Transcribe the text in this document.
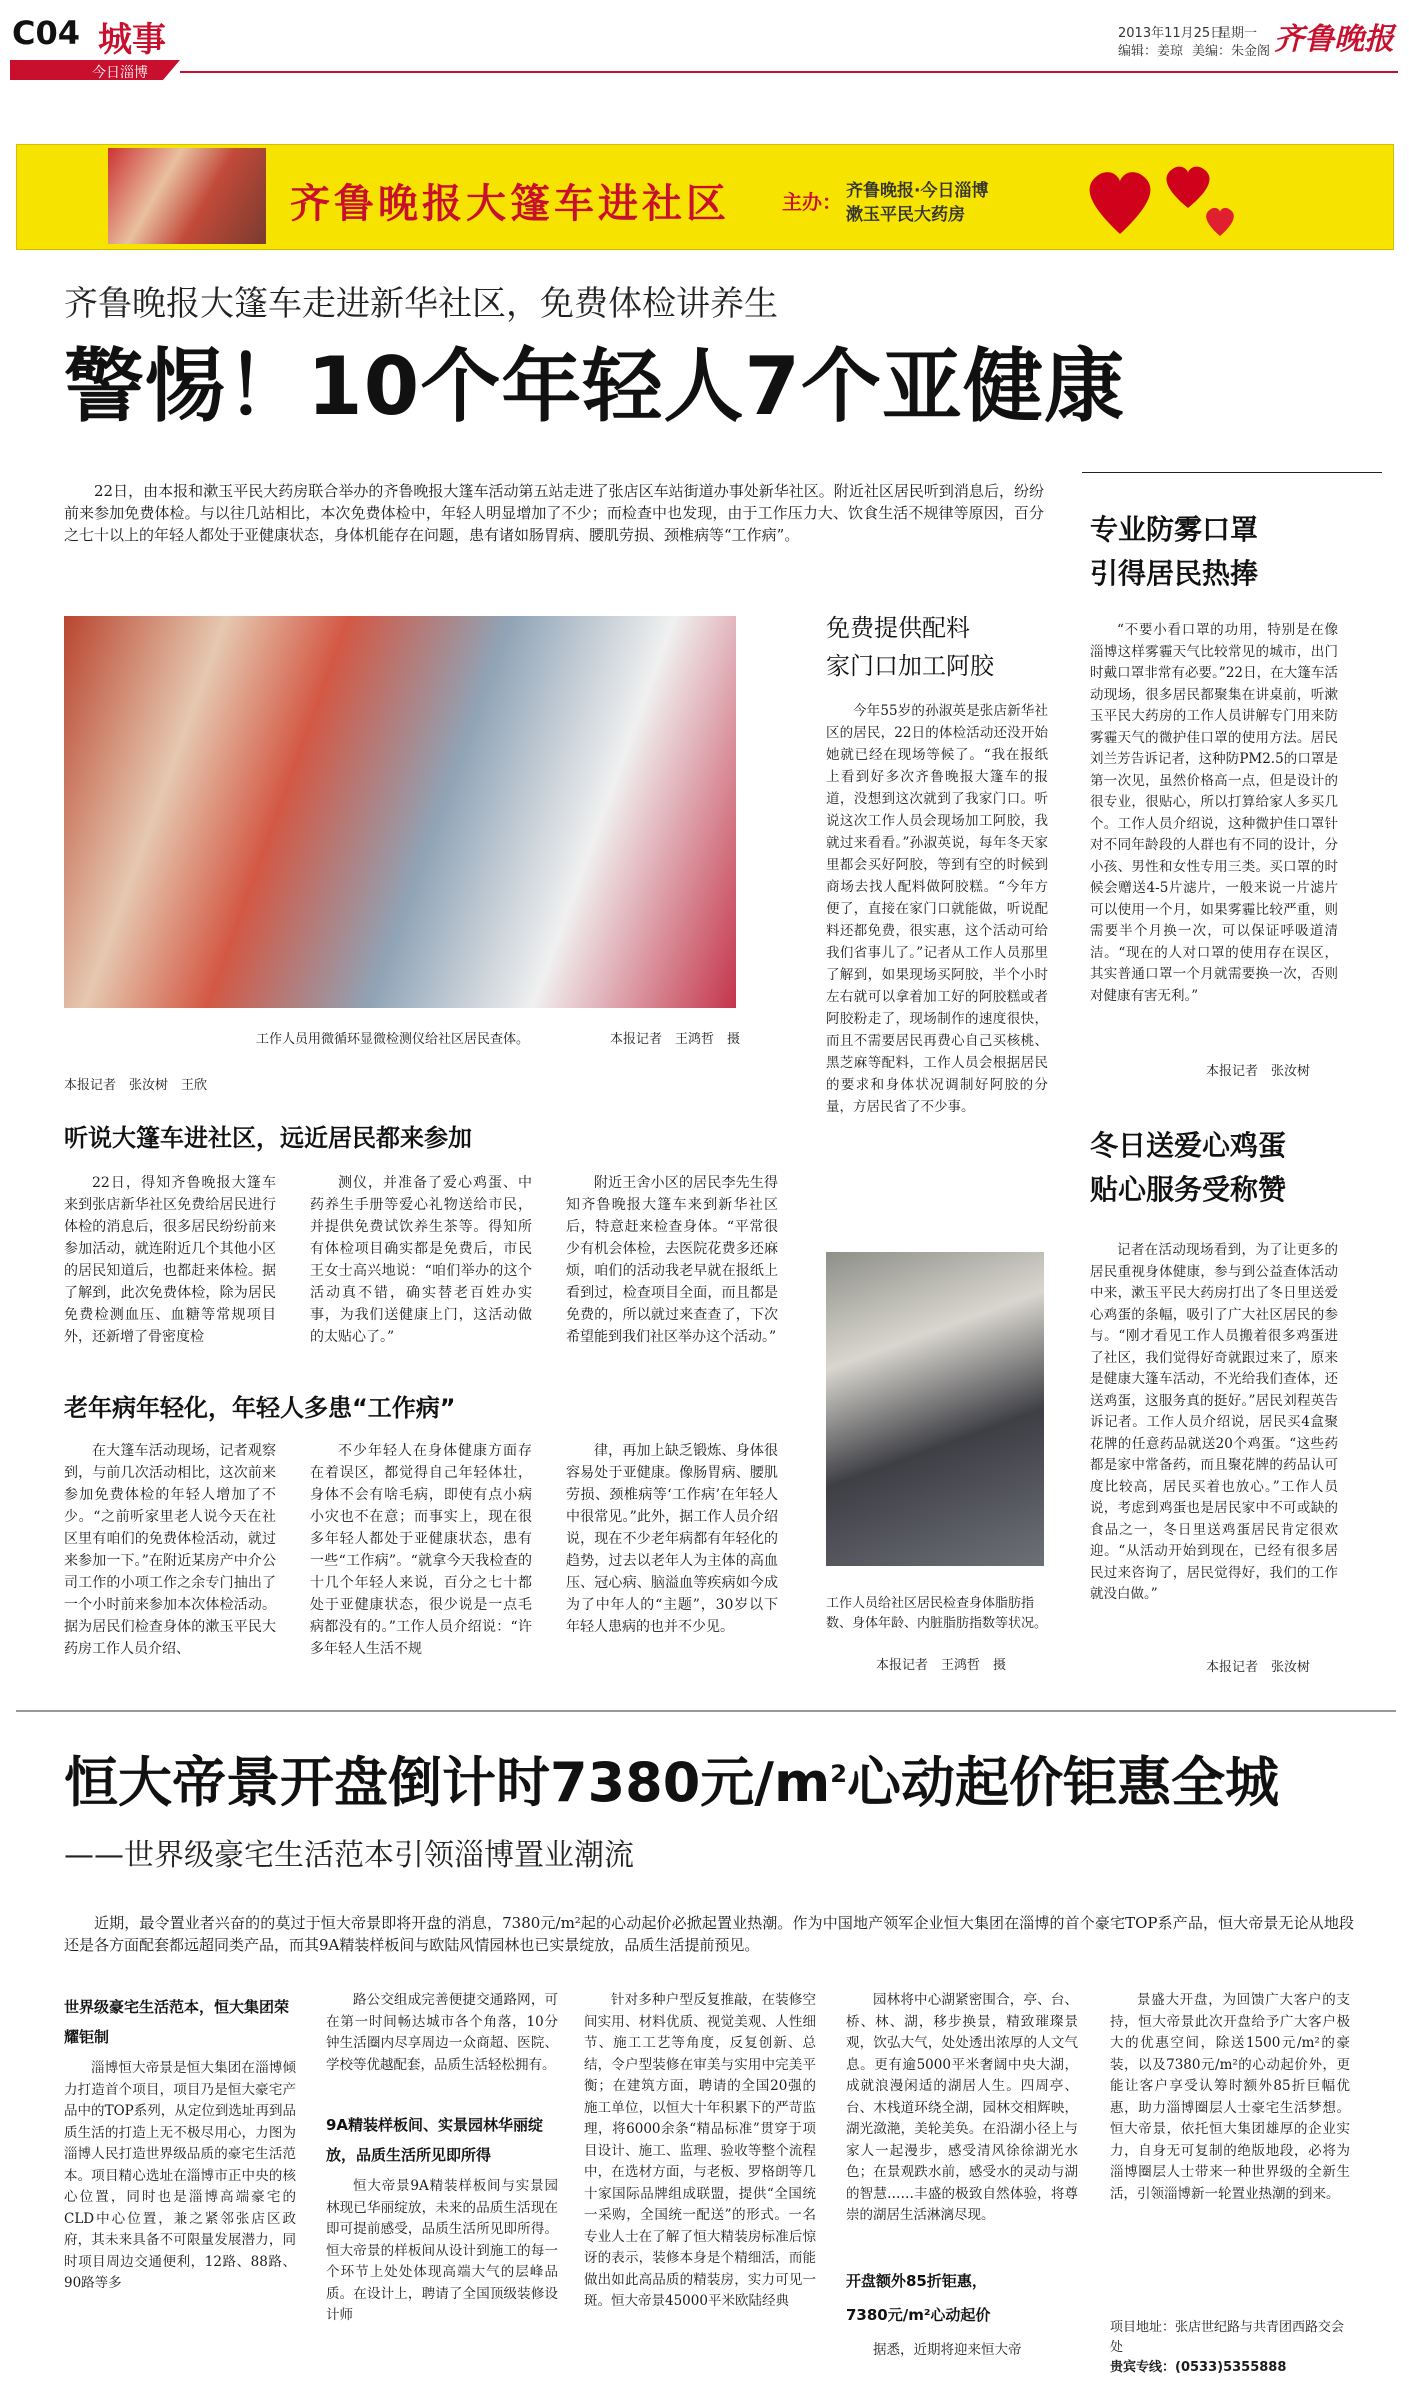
C04 城事
今日淄博
2013年11月25日
星期一
编辑：姜琼 美编：朱金阁 齐鲁晚报
齐鲁晚报大篷车进社区	主办： 齐鲁晚报·今日淄博
漱玉平民大药房
齐鲁晚报大篷车走进新华社区，免费体检讲养生
警惕！10个年轻人7个亚健康

22日，由本报和漱玉平民大药房联合举办的齐鲁晚报大篷车活动第五站走进了张店区车站街道办事处新华社区。附近社区居民听到消息后，纷纷前来参加免费体检。与以往几站相比，本次免费体检中，年轻人明显增加了不少；而检查中也发现，由于工作压力大、饮食生活不规律等原因，百分之七十以上的年轻人都处于亚健康状态，身体机能存在问题，患有诸如肠胃病、腰肌劳损、颈椎病等“工作病”。

工作人员用微循环显微检测仪给社区居民查体。	本报记者　王鸿哲　摄
本报记者　张汝树　王欣
听说大篷车进社区，远近居民都来参加

22日，得知齐鲁晚报大篷车来到张店新华社区免费给居民进行体检的消息后，很多居民纷纷前来参加活动，就连附近几个其他小区的居民知道后，也都赶来体检。据了解到，此次免费体检，除为居民免费检测血压、血糖等常规项目外，还新增了骨密度检

测仪，并准备了爱心鸡蛋、中药养生手册等爱心礼物送给市民，并提供免费试饮养生茶等。得知所有体检项目确实都是免费后，市民王女士高兴地说：“咱们举办的这个活动真不错，确实替老百姓办实事，为我们送健康上门，这活动做的太贴心了。”

附近王舍小区的居民李先生得知齐鲁晚报大篷车来到新华社区后，特意赶来检查身体。“平常很少有机会体检，去医院花费多还麻烦，咱们的活动我老早就在报纸上看到过，检查项目全面，而且都是免费的，所以就过来查查了，下次希望能到我们社区举办这个活动。”

老年病年轻化，年轻人多患“工作病”

在大篷车活动现场，记者观察到，与前几次活动相比，这次前来参加免费体检的年轻人增加了不少。“之前听家里老人说今天在社区里有咱们的免费体检活动，就过来参加一下。”在附近某房产中介公司工作的小项工作之余专门抽出了一个小时前来参加本次体检活动。据为居民们检查身体的漱玉平民大药房工作人员介绍、

不少年轻人在身体健康方面存在着误区，都觉得自己年轻体壮，身体不会有啥毛病，即使有点小病小灾也不在意；而事实上，现在很多年轻人都处于亚健康状态，患有一些“工作病”。“就拿今天我检查的十几个年轻人来说，百分之七十都处于亚健康状态，很少说是一点毛病都没有的。”工作人员介绍说：“许多年轻人生活不规

律，再加上缺乏锻炼、身体很容易处于亚健康。像肠胃病、腰肌劳损、颈椎病等‘工作病’在年轻人中很常见。”此外，据工作人员介绍说，现在不少老年病都有年轻化的趋势，过去以老年人为主体的高血压、冠心病、脑溢血等疾病如今成为了中年人的“主题”，30岁以下年轻人患病的也并不少见。

免费提供配料
家门口加工阿胶

今年55岁的孙淑英是张店新华社区的居民，22日的体检活动还没开始她就已经在现场等候了。“我在报纸上看到好多次齐鲁晚报大篷车的报道，没想到这次就到了我家门口。听说这次工作人员会现场加工阿胶，我就过来看看。”孙淑英说，每年冬天家里都会买好阿胶，等到有空的时候到商场去找人配料做阿胶糕。“今年方便了，直接在家门口就能做，听说配料还都免费，很实惠，这个活动可给我们省事儿了。”记者从工作人员那里了解到，如果现场买阿胶，半个小时左右就可以拿着加工好的阿胶糕或者阿胶粉走了，现场制作的速度很快，而且不需要居民再费心自己买核桃、黑芝麻等配料，工作人员会根据居民的要求和身体状况调制好阿胶的分量，方居民省了不少事。

工作人员给社区居民检查身体脂肪指数、身体年龄、内脏脂肪指数等状况。
本报记者　王鸿哲　摄
专业防雾口罩
引得居民热捧

“不要小看口罩的功用，特别是在像淄博这样雾霾天气比较常见的城市，出门时戴口罩非常有必要。”22日，在大篷车活动现场，很多居民都聚集在讲桌前，听漱玉平民大药房的工作人员讲解专门用来防雾霾天气的微护佳口罩的使用方法。居民刘兰芳告诉记者，这种防PM2.5的口罩是第一次见，虽然价格高一点，但是设计的很专业，很贴心，所以打算给家人多买几个。工作人员介绍说，这种微护佳口罩针对不同年龄段的人群也有不同的设计，分小孩、男性和女性专用三类。买口罩的时候会赠送4-5片滤片，一般来说一片滤片可以使用一个月，如果雾霾比较严重，则需要半个月换一次，可以保证呼吸道清洁。“现在的人对口罩的使用存在误区，其实普通口罩一个月就需要换一次，否则对健康有害无利。”

本报记者　张汝树
冬日送爱心鸡蛋
贴心服务受称赞

记者在活动现场看到，为了让更多的居民重视身体健康，参与到公益查体活动中来，漱玉平民大药房打出了冬日里送爱心鸡蛋的条幅，吸引了广大社区居民的参与。“刚才看见工作人员搬着很多鸡蛋进了社区，我们觉得好奇就跟过来了，原来是健康大篷车活动，不光给我们查体，还送鸡蛋，这服务真的挺好。”居民刘程英告诉记者。工作人员介绍说，居民买4盒聚花牌的任意药品就送20个鸡蛋。“这些药都是家中常备药，而且聚花牌的药品认可度比较高，居民买着也放心。”工作人员说，考虑到鸡蛋也是居民家中不可或缺的食品之一，冬日里送鸡蛋居民肯定很欢迎。“从活动开始到现在，已经有很多居民过来咨询了，居民觉得好，我们的工作就没白做。”

本报记者　张汝树
恒大帝景开盘倒计时7380元$/m^2$心动起价钜惠全城
——世界级豪宅生活范本引领淄博置业潮流

近期，最令置业者兴奋的的莫过于恒大帝景即将开盘的消息，7380元/m²起的心动起价必掀起置业热潮。作为中国地产领军企业恒大集团在淄博的首个豪宅TOP系产品，恒大帝景无论从地段还是各方面配套都远超同类产品，而其9A精装样板间与欧陆风情园林也已实景绽放，品质生活提前预见。

世界级豪宅生活范本，恒大集团荣耀钜制

淄博恒大帝景是恒大集团在淄博倾力打造首个项目，项目乃是恒大豪宅产品中的TOP系列，从定位到选址再到品质生活的打造上无不极尽用心，力图为淄博人民打造世界级品质的豪宅生活范本。项目精心选址在淄博市正中央的核心位置，同时也是淄博高端豪宅的CLD中心位置，兼之紧邻张店区政府，其未来具备不可限量发展潜力，同时项目周边交通便利，12路、88路、90路等多

路公交组成完善便捷交通路网，可在第一时间畅达城市各个角落，10分钟生活圈内尽享周边一众商超、医院、学校等优越配套，品质生活轻松拥有。

9A精装样板间、实景园林华丽绽放，品质生活所见即所得

恒大帝景9A精装样板间与实景园林现已华丽绽放，未来的品质生活现在即可提前感受，品质生活所见即所得。恒大帝景的样板间从设计到施工的每一个环节上处处体现高端大气的层峰品质。在设计上，聘请了全国顶级装修设计师

针对多种户型反复推敲，在装修空间实用、材料优质、视觉美观、人性细节、施工工艺等角度，反复创新、总结，令户型装修在审美与实用中完美平衡；在建筑方面，聘请的全国20强的施工单位，以恒大十年积累下的严苛监理，将6000余条“精品标准”贯穿于项目设计、施工、监理、验收等整个流程中，在选材方面，与老板、罗格朗等几十家国际品牌组成联盟，提供“全国统一采购，全国统一配送”的形式。一名专业人士在了解了恒大精装房标准后惊讶的表示，装修本身是个精细活，而能做出如此高品质的精装房，实力可见一斑。恒大帝景45000平米欧陆经典

园林将中心湖紧密围合，亭、台、桥、林、湖，移步换景，精致璀璨景观，饮弘大气，处处透出浓厚的人文气息。更有逾5000平米奢阔中央大湖，成就浪漫闲适的湖居人生。四周亭、台、木栈道环绕全湖，园林交相辉映，湖光潋滟，美轮美奂。在沿湖小径上与家人一起漫步，感受清风徐徐湖光水色；在景观跌水前，感受水的灵动与湖的智慧……丰盛的极致自然体验，将尊崇的湖居生活淋漓尽现。

开盘额外85折钜惠，
7380元/m²心动起价

据悉，近期将迎来恒大帝

景盛大开盘，为回馈广大客户的支持，恒大帝景此次开盘给予广大客户极大的优惠空间，除送1500元/m²的豪装，以及7380元/m²的心动起价外，更能让客户享受认筹时额外85折巨幅优惠，助力淄博圈层人士豪宅生活梦想。恒大帝景，依托恒大集团雄厚的企业实力，自身无可复制的绝版地段，必将为淄博圈层人士带来一种世界级的全新生活，引领淄博新一轮置业热潮的到来。

项目地址：张店世纪路与共青团西路交会处
贵宾专线：(0533)5355888
